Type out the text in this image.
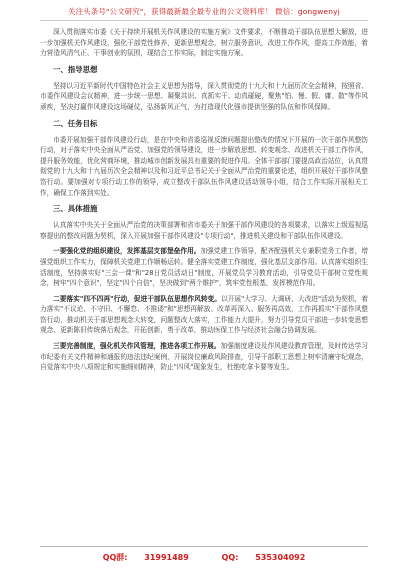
关注头条号"公文研究"，获得最新最全最专业的公文资料库！ 微信：gongwenyj

深入贯彻落实市委《关于持续开展机关作风建设的实施方案》文件要求，不断推动干部队伍思想大解放，进一步加强机关作风建设，强化干部党性修养，更新思想观念，树立服务意识，改进工作作风，提高工作效能，着力营造风清气正、干事创业的氛围，现结合工作实际，制定实施方案。

一、指导思想

坚持以习近平新时代中国特色社会主义思想为指导，深入贯彻党的十九大和十九届历次全会精神，按照省、市委作风建设会议精神，进一步统一思想、凝聚共识、真抓实干、动真碰硬，聚焦"怕、慢、假、庸、散"等作风顽疾，坚决打赢作风建设这场硬仗，弘扬新风正气，为打造现代化强市提供坚强的队伍和作风保障。

二、任务目标

市委开展加强干部作风建设行动，是在中央和省委巡视反馈问题提出整改的情况下开展的一次干部作风整饬行动，对于落实中央全面从严治党、加强党的领导建设，进一步解放思想、转变观念、改进机关干部工作作风，提升服务效能，优化营商环境，推动城市创新发展具有重要的促进作用。全体干部部门要提高政治站位，认真贯彻党的十九大和十九届历次全会精神以及和习近平总书记关于全面从严治党的重要论述，组织开展好干部作风整饬行动。要加强对专项行动工作的领导，成立整改干部队伍作风建设活动领导小组，结合工作实际开展相关工作，确保工作落到实处。

三、具体措施

认真落实中央关于全面从严治党的决策部署和省市委关于加强干部作风建设的各项要求，以落实上级巡视巡察提出的整改问题为契机，深入开展加强干部作风建设"专项行动"，推进机关建设和干部队伍作风建设。

一要强化党的组织建设，发挥基层支部堡垒作用。加强党建工作领导，配齐配强机关专兼职党务工作者，增强党组织工作实力，保障机关党建工作顺畅运转。健全落实党建工作制度，强化基层支部作用。认真落实组织生活制度，坚持落实好"三会一课"和"28日党员活动日"制度，开展党员学习教育活动，引导党员干部树立党性观念，树牢"四个意识"，坚定"四个自信"，坚决做到"两个维护"，筑牢党性根基，发挥模范作用。

二要落实"四不四再"行动，促进干部队伍思想作风转变。以开展"大学习、大调研、大改进"活动为契机，着力落实"不议论、不守旧、不懈怠、不推诿"和"思想再解放、改革再深入、服务再高效、工作再抓实"干部作风整饬行动，推动机关干部思想观念大转变，问题整改大落实，工作能力大提升，努力引导党员干部进一步转变思想观念、更新陈旧传统落后观念，开拓创新，勇于改革，推动医保工作与经济社会融合协调发展。

三要完善制度，强化机关作风管理，推进各项工作开展。加强制度建设及作风建设教育管理，及时传达学习市纪委有关文件精神和通报的违法违纪案例，开展岗位廉政风险排查，引导干部职工思想上树牢清廉守纪观念，自觉落实中央八项规定和实施细则精神，防止"四风"现象发生，杜绝吃拿卡要等发生。

QQ群: 31991489	QQ: 535304092
